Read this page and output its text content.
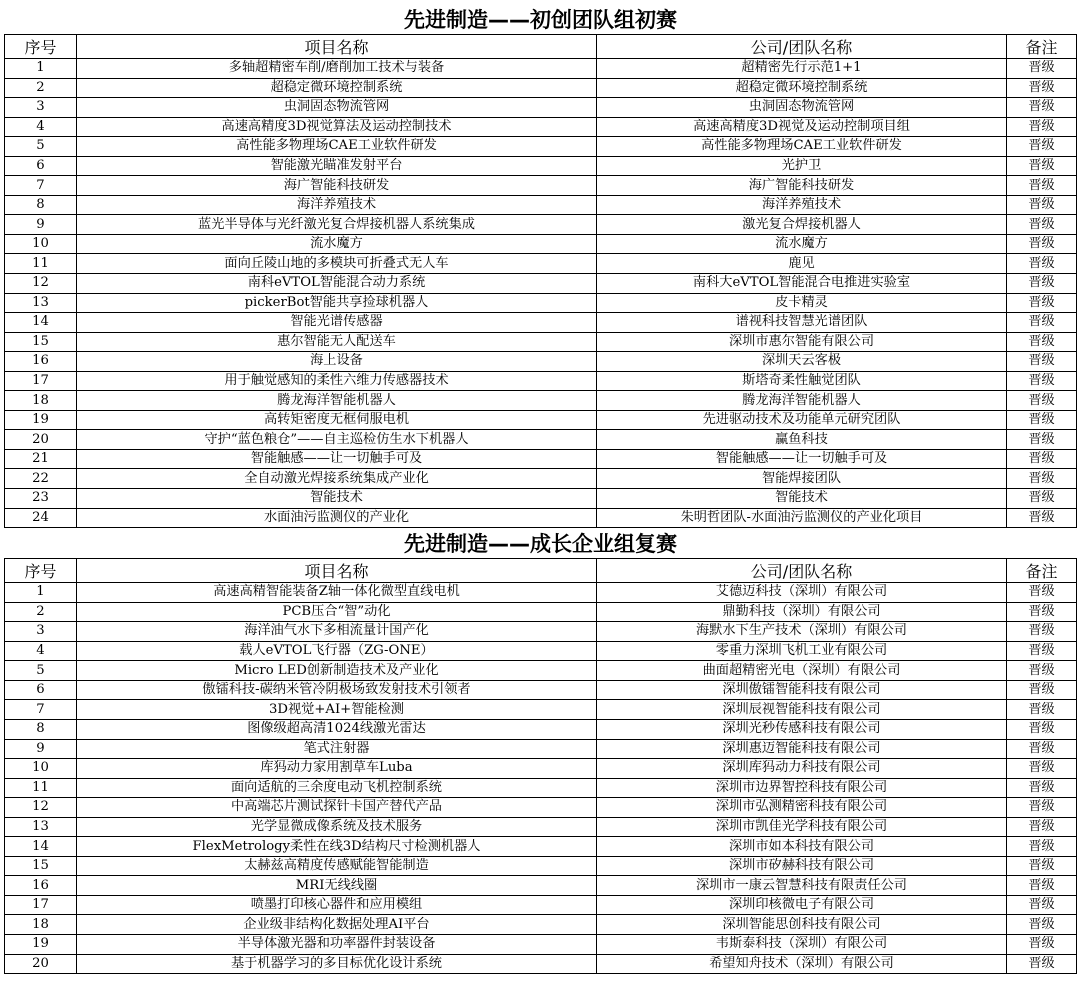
先进制造——初创团队组初赛			
序号	项目名称	公司/团队名称	备注
1	多轴超精密车削/磨削加工技术与装备	超精密先行示范1+1	晋级
2	超稳定微环境控制系统	超稳定微环境控制系统	晋级
3	虫洞固态物流管网	虫洞固态物流管网	晋级
4	高速高精度3D视觉算法及运动控制技术	高速高精度3D视觉及运动控制项目组	晋级
5	高性能多物理场CAE工业软件研发	高性能多物理场CAE工业软件研发	晋级
6	智能激光瞄准发射平台	光护卫	晋级
7	海广智能科技研发	海广智能科技研发	晋级
8	海洋养殖技术	海洋养殖技术	晋级
9	蓝光半导体与光纤激光复合焊接机器人系统集成	激光复合焊接机器人	晋级
10	流水魔方	流水魔方	晋级
11	面向丘陵山地的多模块可折叠式无人车	鹿见	晋级
12	南科eVTOL智能混合动力系统	南科大eVTOL智能混合电推进实验室	晋级
13	pickerBot智能共享捡球机器人	皮卡精灵	晋级
14	智能光谱传感器	谱视科技智慧光谱团队	晋级
15	惠尔智能无人配送车	深圳市惠尔智能有限公司	晋级
16	海上设备	深圳天云客极	晋级
17	用于触觉感知的柔性六维力传感器技术	斯塔奇柔性触觉团队	晋级
18	腾龙海洋智能机器人	腾龙海洋智能机器人	晋级
19	高转矩密度无框伺服电机	先进驱动技术及功能单元研究团队	晋级
20	守护“蓝色粮仓”——自主巡检仿生水下机器人	赢鱼科技	晋级
21	智能触感——让一切触手可及	智能触感——让一切触手可及	晋级
22	全自动激光焊接系统集成产业化	智能焊接团队	晋级
23	智能技术	智能技术	晋级
24	水面油污监测仪的产业化	朱明哲团队-水面油污监测仪的产业化项目	晋级
先进制造——成长企业组复赛			
序号	项目名称	公司/团队名称	备注
1	高速高精智能装备Z轴一体化微型直线电机	艾德迈科技（深圳）有限公司	晋级
2	PCB压合“智”动化	鼎勤科技（深圳）有限公司	晋级
3	海洋油气水下多相流量计国产化	海默水下生产技术（深圳）有限公司	晋级
4	载人eVTOL飞行器（ZG-ONE）	零重力深圳飞机工业有限公司	晋级
5	Micro LED创新制造技术及产业化	曲面超精密光电（深圳）有限公司	晋级
6	傲镭科技-碳纳米管冷阴极场致发射技术引领者	深圳傲镭智能科技有限公司	晋级
7	3D视觉+AI+智能检测	深圳辰视智能科技有限公司	晋级
8	图像级超高清1024线激光雷达	深圳光秒传感科技有限公司	晋级
9	笔式注射器	深圳惠迈智能科技有限公司	晋级
10	库犸动力家用割草车Luba	深圳库犸动力科技有限公司	晋级
11	面向适航的三余度电动飞机控制系统	深圳市边界智控科技有限公司	晋级
12	中高端芯片测试探针卡国产替代产品	深圳市弘测精密科技有限公司	晋级
13	光学显微成像系统及技术服务	深圳市凯佳光学科技有限公司	晋级
14	FlexMetrology柔性在线3D结构尺寸检测机器人	深圳市如本科技有限公司	晋级
15	太赫兹高精度传感赋能智能制造	深圳市矽赫科技有限公司	晋级
16	MRI无线线圈	深圳市一康云智慧科技有限责任公司	晋级
17	喷墨打印核心器件和应用模组	深圳印核微电子有限公司	晋级
18	企业级非结构化数据处理AI平台	深圳智能思创科技有限公司	晋级
19	半导体激光器和功率器件封装设备	韦斯泰科技（深圳）有限公司	晋级
20	基于机器学习的多目标优化设计系统	希望知舟技术（深圳）有限公司	晋级
